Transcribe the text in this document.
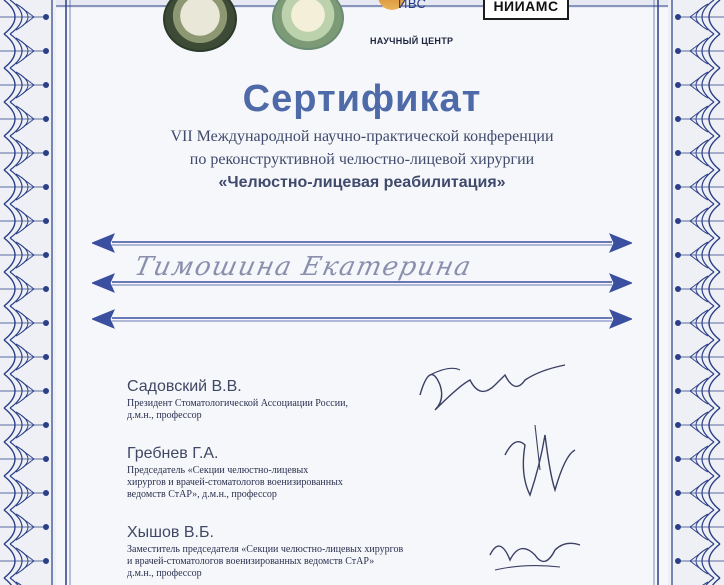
ИВС
НАУЧНЫЙ ЦЕНТР
НИИАМС
Сертификат
VII Международной научно-практической конференции
по реконструктивной челюстно-лицевой хирургии
«Челюстно-лицевая реабилитация»
Тимошина Екатерина
Садовский В.В.
Президент Стоматологической Ассоциации России,
д.м.н., профессор
Гребнев Г.А.
Председатель «Секции челюстно-лицевых
хирургов и врачей-стоматологов военизированных
ведомств СтАР», д.м.н., профессор
Хышов В.Б.
Заместитель председателя «Секции челюстно-лицевых хирургов
и врачей-стоматологов военизированных ведомств СтАР»
д.м.н., профессор
